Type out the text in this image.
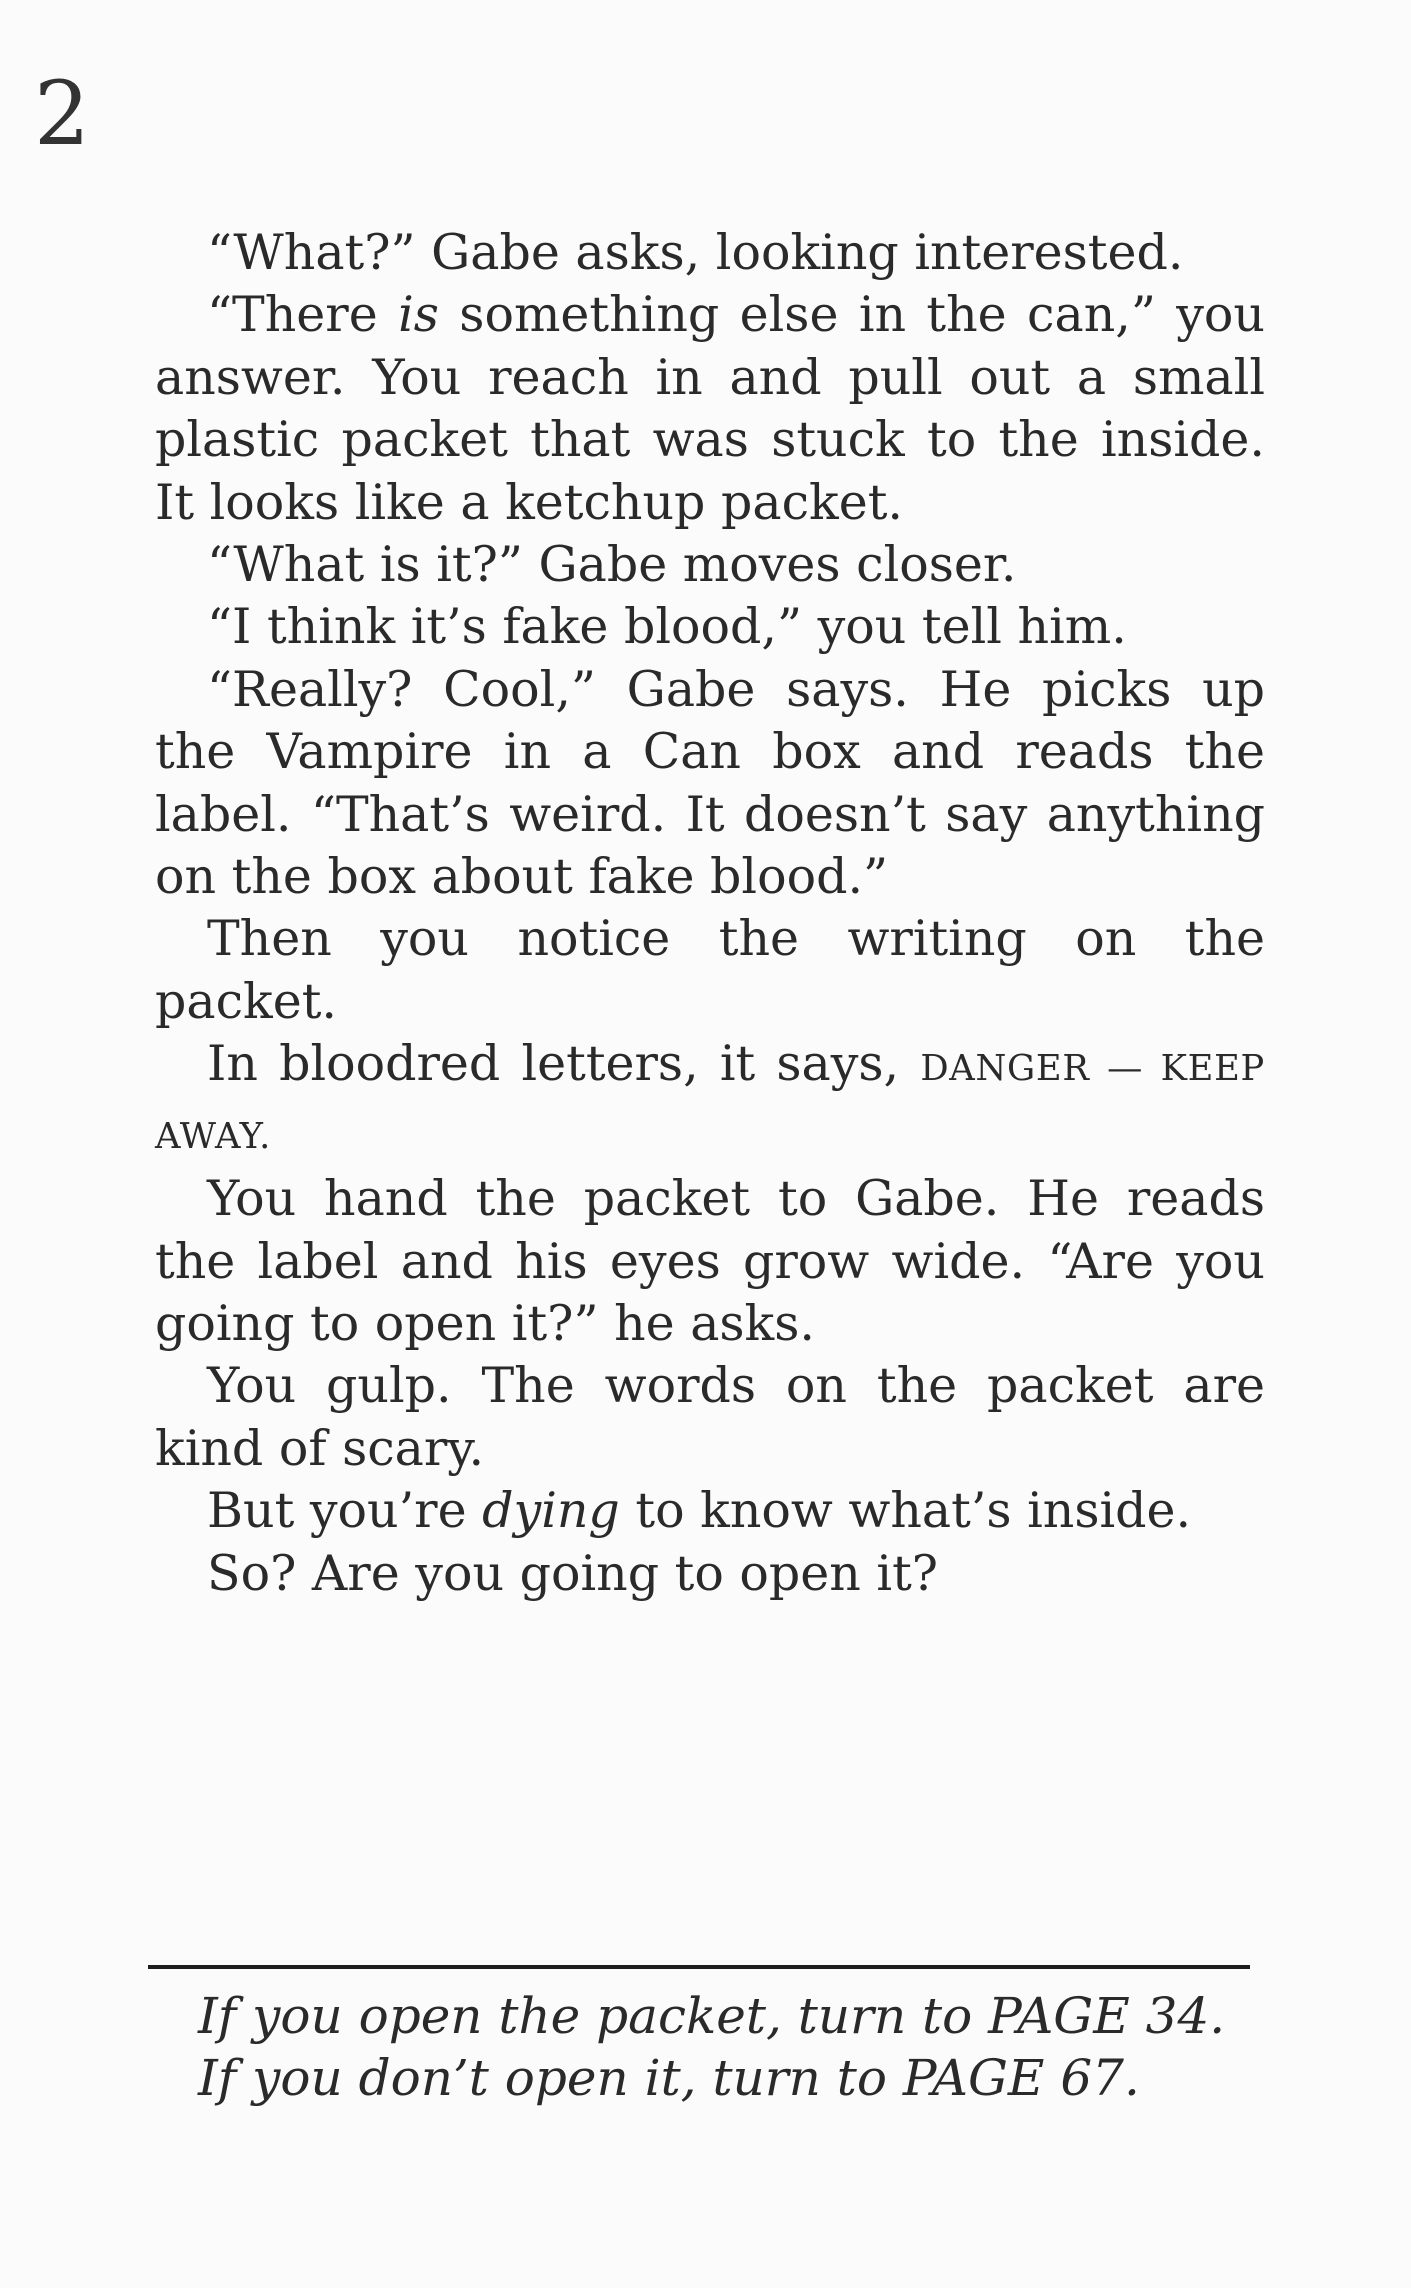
2

“What?” Gabe asks, looking interested.

“There is something else in the can,” you answer. You reach in and pull out a small plastic packet that was stuck to the inside. It looks like a ketchup packet.

“What is it?” Gabe moves closer.

“I think it’s fake blood,” you tell him.

“Really? Cool,” Gabe says. He picks up the Vampire in a Can box and reads the label. “That’s weird. It doesn’t say anything on the box about fake blood.”

Then you notice the writing on the packet.

In bloodred letters, it says, DANGER — KEEP AWAY.

You hand the packet to Gabe. He reads the label and his eyes grow wide. “Are you going to open it?” he asks.

You gulp. The words on the packet are kind of scary.

But you’re dying to know what’s inside.

So? Are you going to open it?

If you open the packet, turn to PAGE 34.
If you don’t open it, turn to PAGE 67.
